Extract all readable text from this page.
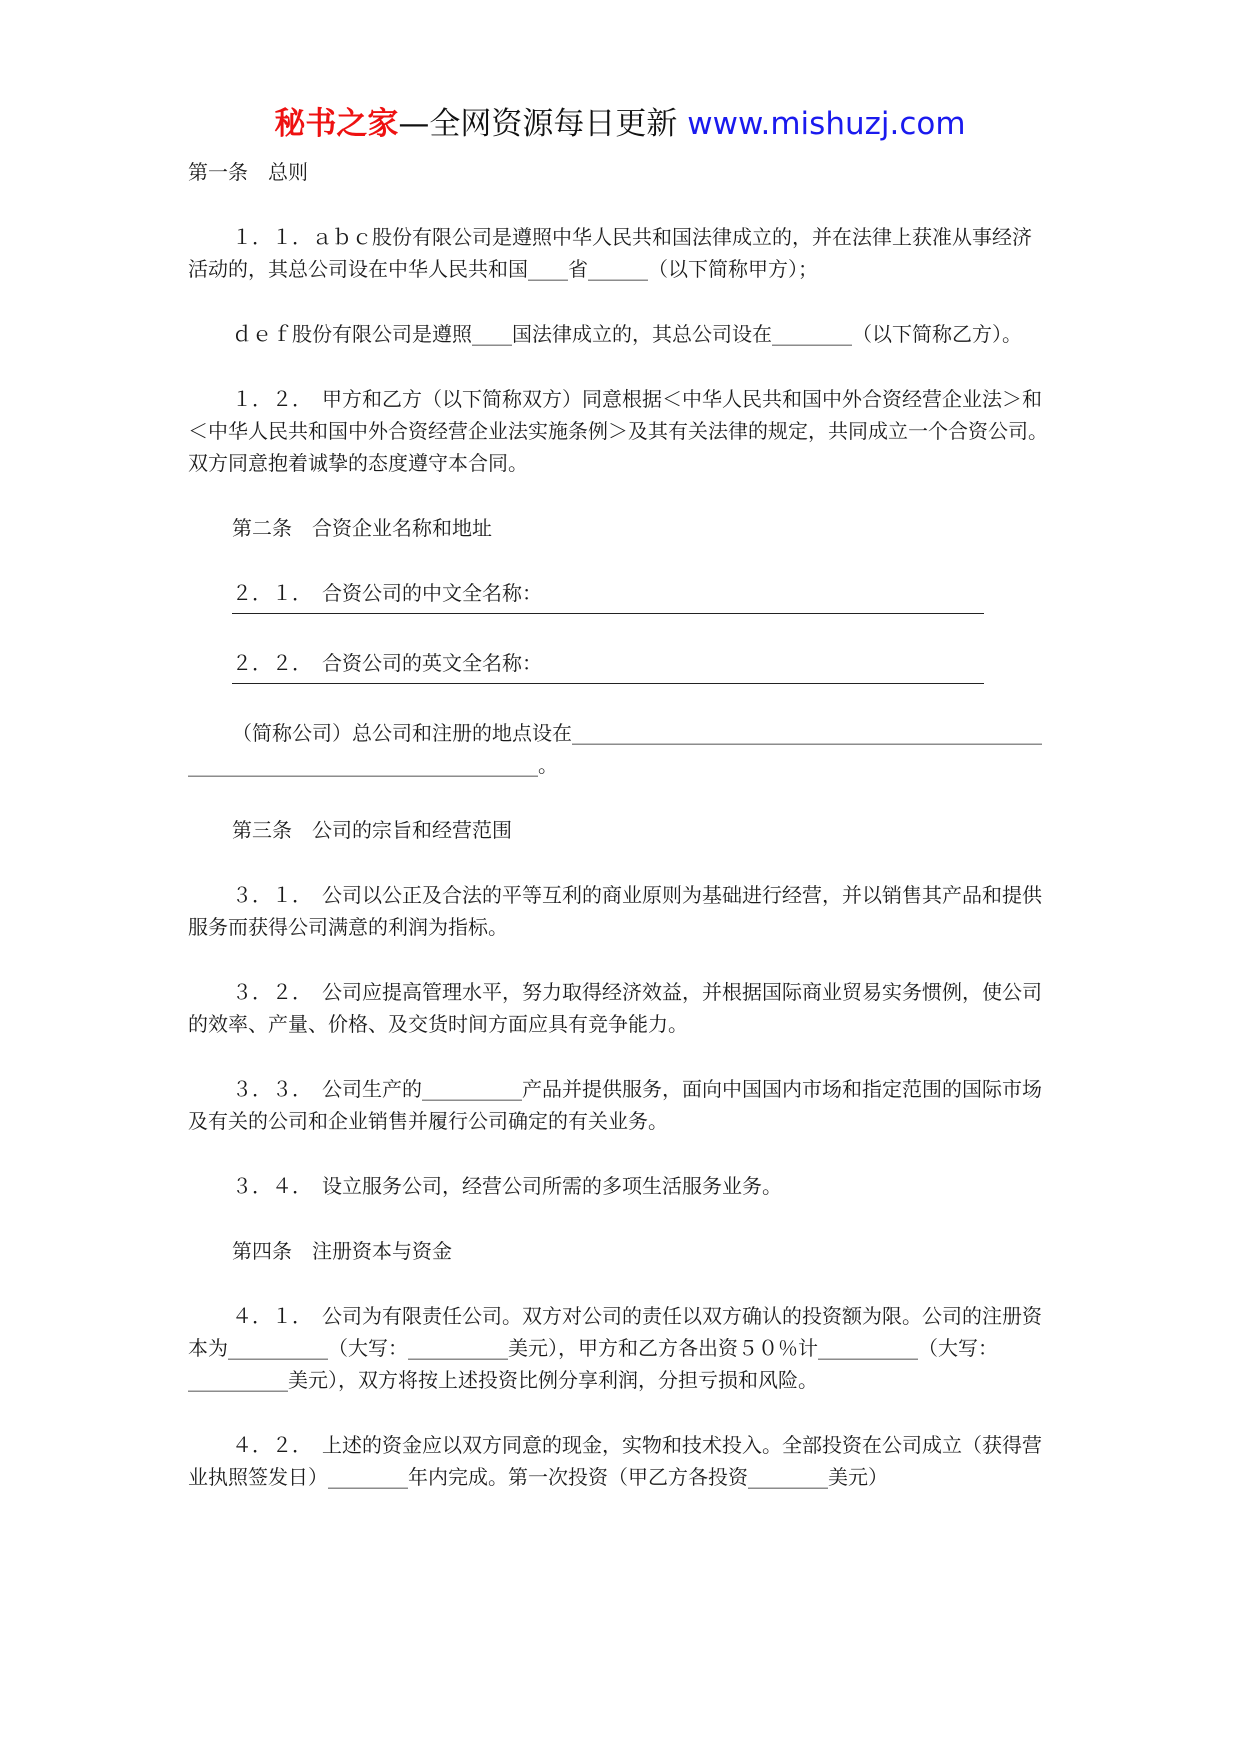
秘书之家—全网资源每日更新 www.mishuzj.com

第一条　总则

１．１．ａｂｃ股份有限公司是遵照中华人民共和国法律成立的，并在法律上获准从事经济活动的，其总公司设在中华人民共和国____省______（以下简称甲方）；

ｄｅｆ股份有限公司是遵照____国法律成立的，其总公司设在________（以下简称乙方）。

１．２．　甲方和乙方（以下简称双方）同意根据＜中华人民共和国中外合资经营企业法＞和＜中华人民共和国中外合资经营企业法实施条例＞及其有关法律的规定，共同成立一个合资公司。双方同意抱着诚挚的态度遵守本合同。

第二条　合资企业名称和地址

２．１．　合资公司的中文全名称：

２．２．　合资公司的英文全名称：

（简称公司）总公司和注册的地点设在__________________________________________________________________________________。

第三条　公司的宗旨和经营范围

３．１．　公司以公正及合法的平等互利的商业原则为基础进行经营，并以销售其产品和提供服务而获得公司满意的利润为指标。

３．２．　公司应提高管理水平，努力取得经济效益，并根据国际商业贸易实务惯例，使公司的效率、产量、价格、及交货时间方面应具有竞争能力。

３．３．　公司生产的__________产品并提供服务，面向中国国内市场和指定范围的国际市场及有关的公司和企业销售并履行公司确定的有关业务。

３．４．　设立服务公司，经营公司所需的多项生活服务业务。

第四条　注册资本与资金

４．１．　公司为有限责任公司。双方对公司的责任以双方确认的投资额为限。公司的注册资本为__________（大写：__________美元），甲方和乙方各出资５０％计__________（大写：__________美元），双方将按上述投资比例分享利润，分担亏损和风险。

４．２．　上述的资金应以双方同意的现金，实物和技术投入。全部投资在公司成立（获得营业执照签发日）________年内完成。第一次投资（甲乙方各投资________美元）
